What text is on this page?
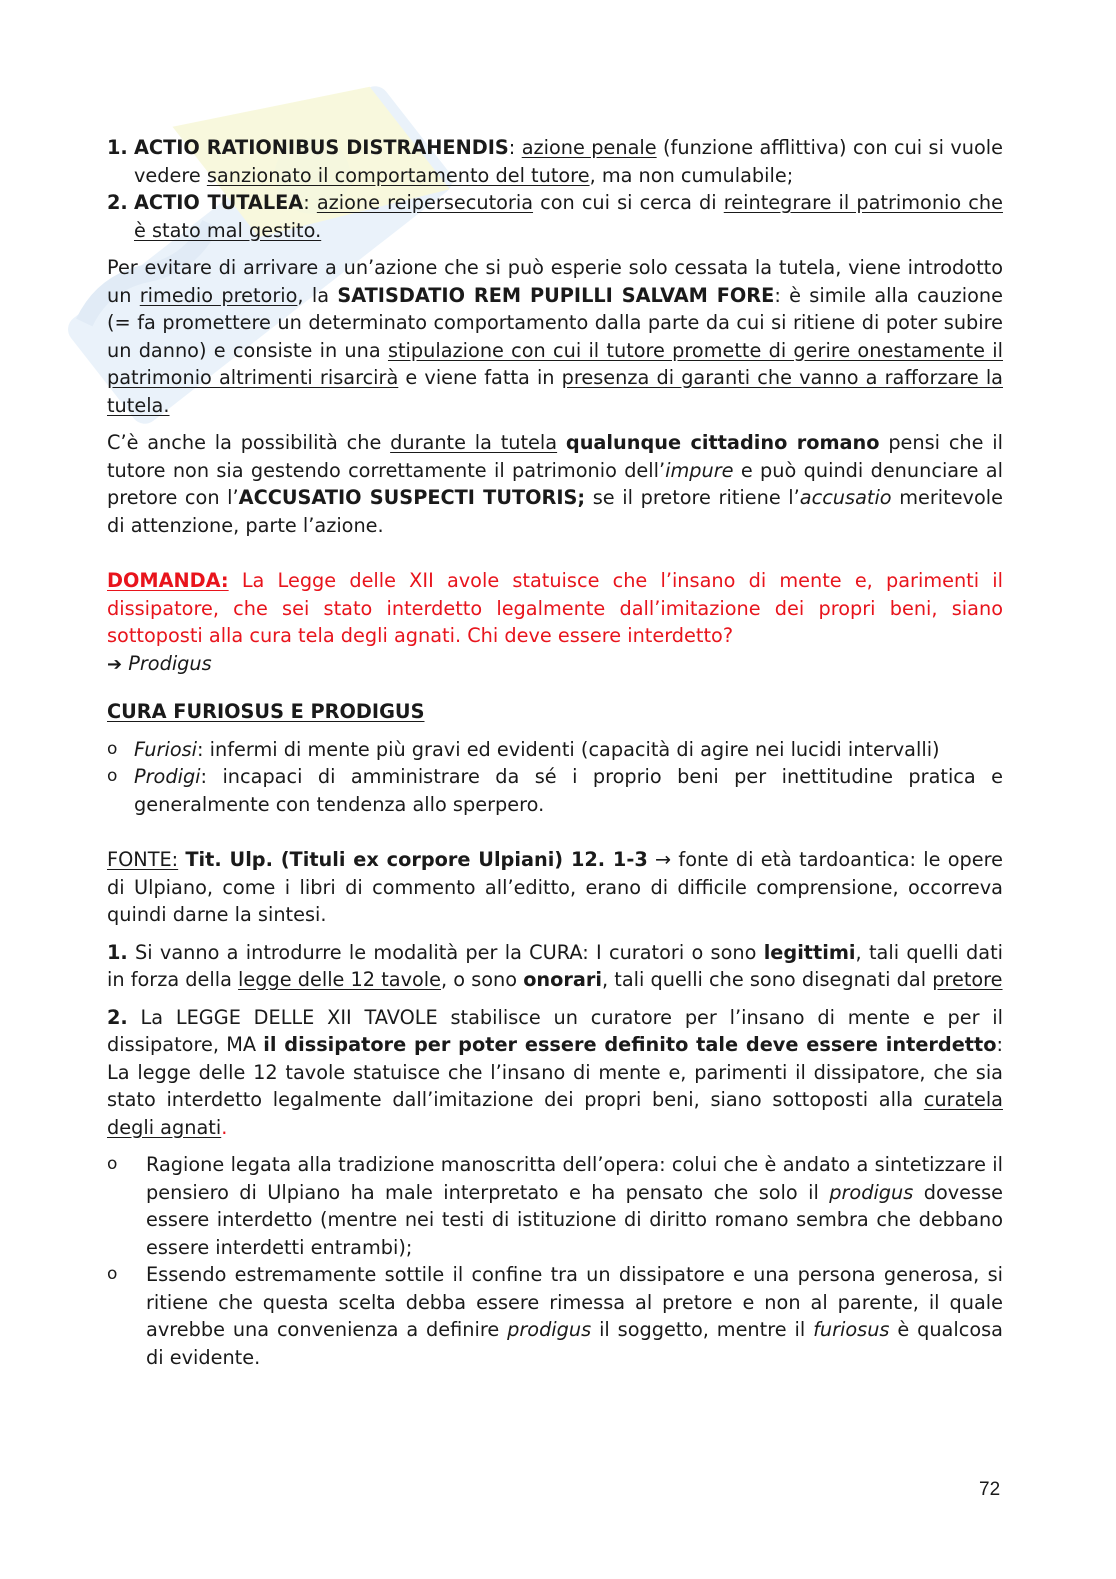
1. ACTIO RATIONIBUS DISTRAHENDIS: azione penale (funzione afflittiva) con cui si vuole vedere sanzionato il comportamento del tutore, ma non cumulabile;
2. ACTIO TUTALEA: azione reipersecutoria con cui si cerca di reintegrare il patrimonio che è stato mal gestito.

Per evitare di arrivare a un’azione che si può esperie solo cessata la tutela, viene introdotto un rimedio pretorio, la SATISDATIO REM PUPILLI SALVAM FORE: è simile alla cauzione (= fa promettere un determinato comportamento dalla parte da cui si ritiene di poter subire un danno) e consiste in una stipulazione con cui il tutore promette di gerire onestamente il patrimonio altrimenti risarcirà e viene fatta in presenza di garanti che vanno a rafforzare la tutela.

C’è anche la possibilità che durante la tutela qualunque cittadino romano pensi che il tutore non sia gestendo correttamente il patrimonio dell’impure e può quindi denunciare al pretore con l’ACCUSATIO SUSPECTI TUTORIS; se il pretore ritiene l’accusatio meritevole di attenzione, parte l’azione.

DOMANDA: La Legge delle XII avole statuisce che l’insano di mente e, parimenti il dissipatore, che sei stato interdetto legalmente dall’imitazione dei propri beni, siano sottoposti alla cura tela degli agnati. Chi deve essere interdetto?

➔ Prodigus

CURA FURIOSUS E PRODIGUS

o Furiosi: infermi di mente più gravi ed evidenti (capacità di agire nei lucidi intervalli)
o Prodigi: incapaci di amministrare da sé i proprio beni per inettitudine pratica e generalmente con tendenza allo sperpero.

FONTE: Tit. Ulp. (Tituli ex corpore Ulpiani) 12. 1-3 → fonte di età tardoantica: le opere di Ulpiano, come i libri di commento all’editto, erano di difficile comprensione, occorreva quindi darne la sintesi.

1. Si vanno a introdurre le modalità per la CURA: I curatori o sono legittimi, tali quelli dati in forza della legge delle 12 tavole, o sono onorari, tali quelli che sono disegnati dal pretore

2. La LEGGE DELLE XII TAVOLE stabilisce un curatore per l’insano di mente e per il dissipatore, MA il dissipatore per poter essere definito tale deve essere interdetto: La legge delle 12 tavole statuisce che l’insano di mente e, parimenti il dissipatore, che sia stato interdetto legalmente dall’imitazione dei propri beni, siano sottoposti alla curatela degli agnati.

o Ragione legata alla tradizione manoscritta dell’opera: colui che è andato a sintetizzare il pensiero di Ulpiano ha male interpretato e ha pensato che solo il prodigus dovesse essere interdetto (mentre nei testi di istituzione di diritto romano sembra che debbano essere interdetti entrambi);
o Essendo estremamente sottile il confine tra un dissipatore e una persona generosa, si ritiene che questa scelta debba essere rimessa al pretore e non al parente, il quale avrebbe una convenienza a definire prodigus il soggetto, mentre il furiosus è qualcosa di evidente.
72
